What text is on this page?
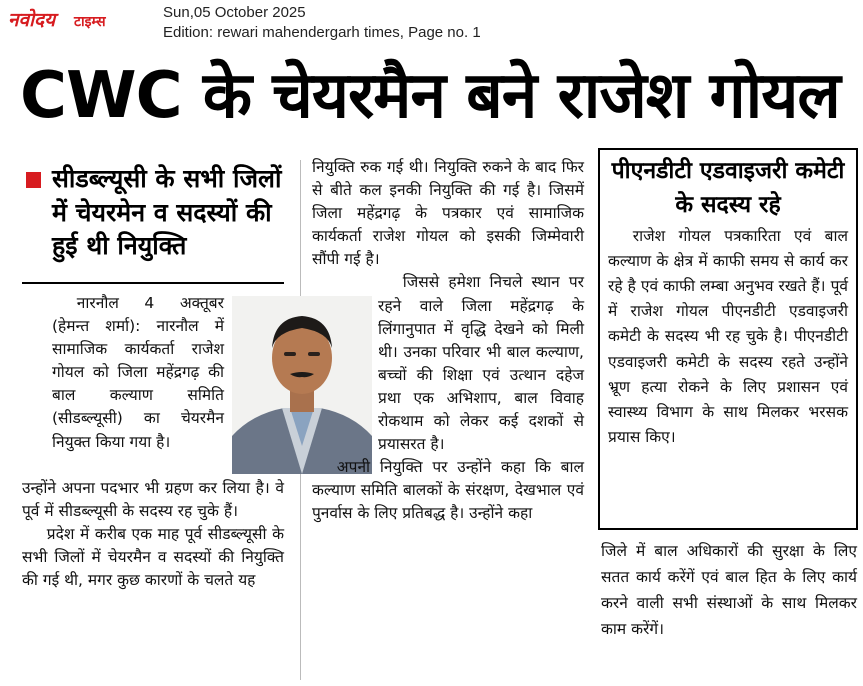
नवोदय टाइम्स
Sun,05 October 2025
Edition: rewari mahendergarh times, Page no. 1
CWC के चेयरमैन बने राजेश गोयल
सीडब्ल्यूसी के सभी जिलों में चेयरमेन व सदस्यों की हुई थी नियुक्ति

नारनौल 4 अक्तूबर (हेमन्त शर्मा): नारनौल में सामाजिक कार्यकर्ता राजेश गोयल को जिला महेंद्रगढ़ की बाल कल्याण समिति (सीडब्ल्यूसी) का चेयरमैन नियुक्त किया गया है।

नियुक्ति रुक गई थी। नियुक्ति रुकने के बाद फिर से बीते कल इनकी नियुक्ति की गई है। जिसमें जिला महेंद्रगढ़ के पत्रकार एवं सामाजिक कार्यकर्ता राजेश गोयल को इसकी जिम्मेवारी सौंपी गई है।

जिससे हमेशा निचले स्थान पर रहने वाले जिला महेंद्रगढ़ के लिंगानुपात में वृद्धि देखने को मिली थी। उनका परिवार भी बाल कल्याण, बच्चों की शिक्षा एवं उत्थान दहेज प्रथा एक अभिशाप, बाल विवाह रोकथाम को लेकर कई दशकों से प्रयासरत है।

अपनी नियुक्ति पर उन्होंने कहा कि बाल कल्याण समिति बालकों के संरक्षण, देखभाल एवं पुनर्वास के लिए प्रतिबद्ध है। उन्होंने कहा

उन्होंने अपना पदभार भी ग्रहण कर लिया है। वे पूर्व में सीडब्ल्यूसी के सदस्य रह चुके हैं।

प्रदेश में करीब एक माह पूर्व सीडब्ल्यूसी के सभी जिलों में चेयरमैन व सदस्यों की नियुक्ति की गई थी, मगर कुछ कारणों के चलते यह

पीएनडीटी एडवाइजरी कमेटी के सदस्य रहे

राजेश गोयल पत्रकारिता एवं बाल कल्याण के क्षेत्र में काफी समय से कार्य कर रहे है एवं काफी लम्बा अनुभव रखते हैं। पूर्व में राजेश गोयल पीएनडीटी एडवाइजरी कमेटी के सदस्य भी रह चुके है। पीएनडीटी एडवाइजरी कमेटी के सदस्य रहते उन्होंने भ्रूण हत्या रोकने के लिए प्रशासन एवं स्वास्थ्य विभाग के साथ मिलकर भरसक प्रयास किए।

जिले में बाल अधिकारों की सुरक्षा के लिए सतत कार्य करेंगें एवं बाल हित के लिए कार्य करने वाली सभी संस्थाओं के साथ मिलकर काम करेंगें।
